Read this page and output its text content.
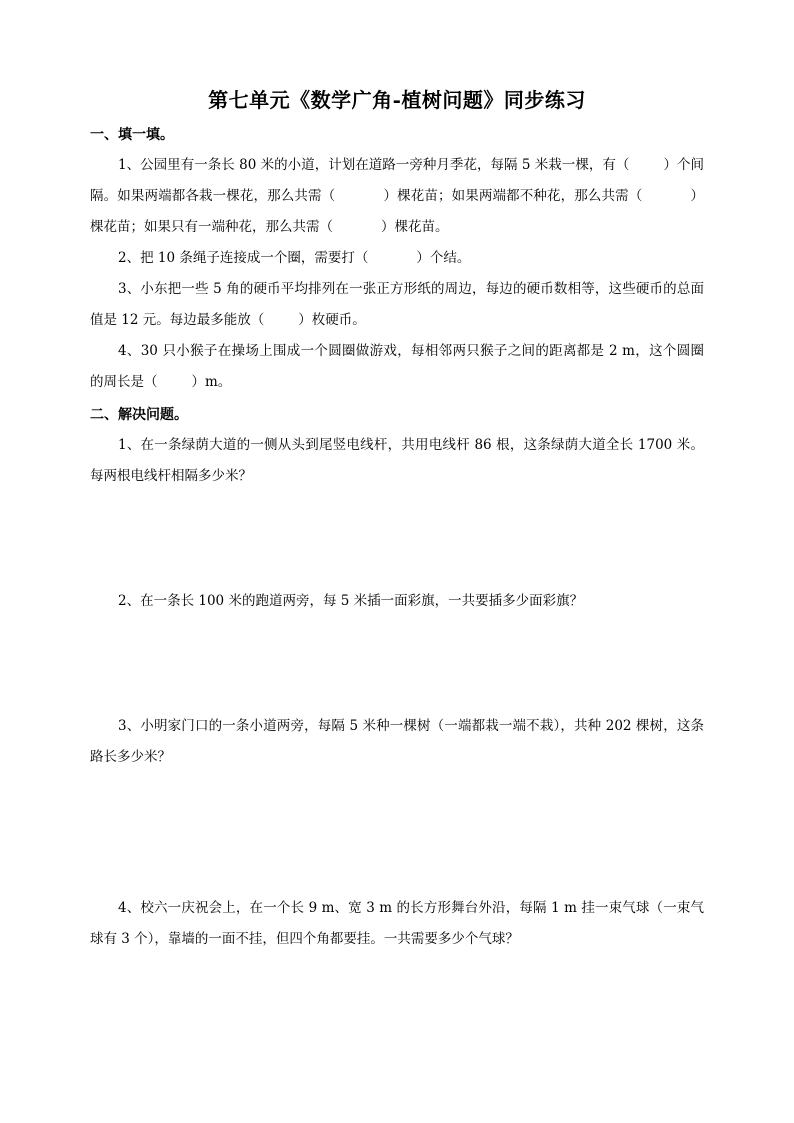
第七单元《数学广角-植树问题》同步练习
一、填一填。

1、公园里有一条长 80 米的小道，计划在道路一旁种月季花，每隔 5 米栽一棵，有（	）个间隔。如果两端都各栽一棵花，那么共需（	）棵花苗；如果两端都不种花，那么共需（	）棵花苗；如果只有一端种花，那么共需（	）棵花苗。

2、把 10 条绳子连接成一个圈，需要打（	）个结。

3、小东把一些 5 角的硬币平均排列在一张正方形纸的周边，每边的硬币数相等，这些硬币的总面值是 12 元。每边最多能放（	）枚硬币。

4、30 只小猴子在操场上围成一个圆圈做游戏，每相邻两只猴子之间的距离都是 2 m，这个圆圈的周长是（	）m。

二、解决问题。

1、在一条绿荫大道的一侧从头到尾竖电线杆，共用电线杆 86 根，这条绿荫大道全长 1700 米。每两根电线杆相隔多少米？

2、在一条长 100 米的跑道两旁，每 5 米插一面彩旗，一共要插多少面彩旗？

3、小明家门口的一条小道两旁，每隔 5 米种一棵树（一端都栽一端不栽），共种 202 棵树，这条路长多少米？

4、校六一庆祝会上，在一个长 9 m、宽 3 m 的长方形舞台外沿，每隔 1 m 挂一束气球（一束气球有 3 个），靠墙的一面不挂，但四个角都要挂。一共需要多少个气球？
